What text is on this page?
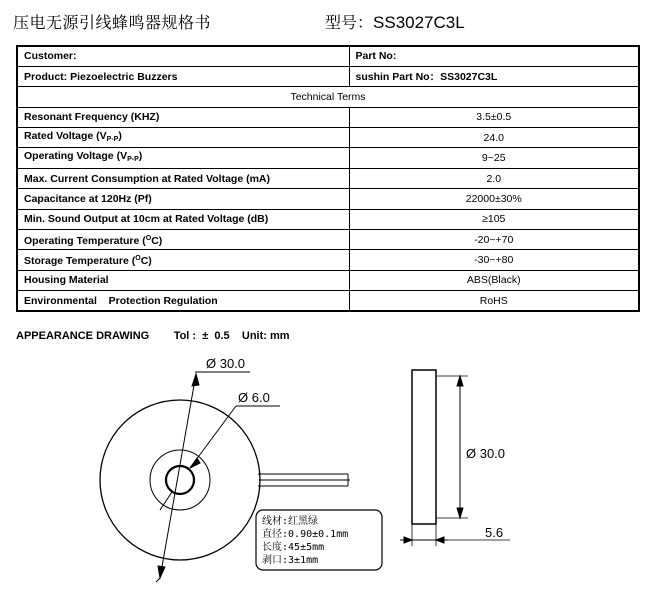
压电无源引线蜂鸣器规格书	型号：SS3027C3L
Customer:	Part No:
Product: Piezoelectric Buzzers	sushin Part No：SS3027C3L
Technical Terms	
Resonant Frequency (KHZ)	3.5±0.5
Rated Voltage $(V_{P-P})$	24.0
Operating Voltage $(V_{P-P})$	9~25
Max. Current Consumption at Rated Voltage (mA)	2.0
Capacitance at 120Hz (Pf)	22000±30%
Min. Sound Output at 10cm at Rated Voltage (dB)	≥105
Operating Temperature ($^O$C)	-20~+70
Storage Temperature ($^O$C)	-30~+80
Housing Material	ABS(Black)
Environmental    Protection Regulation	RoHS
APPEARANCE DRAWING Tol :  ±  0.5 Unit: mm
Ø 30.0
Ø 6.0
Ø 30.0
5.6
线材:红黑绿
直径:0.90±0.1mm
长度:45±5mm
剥口:3±1mm
